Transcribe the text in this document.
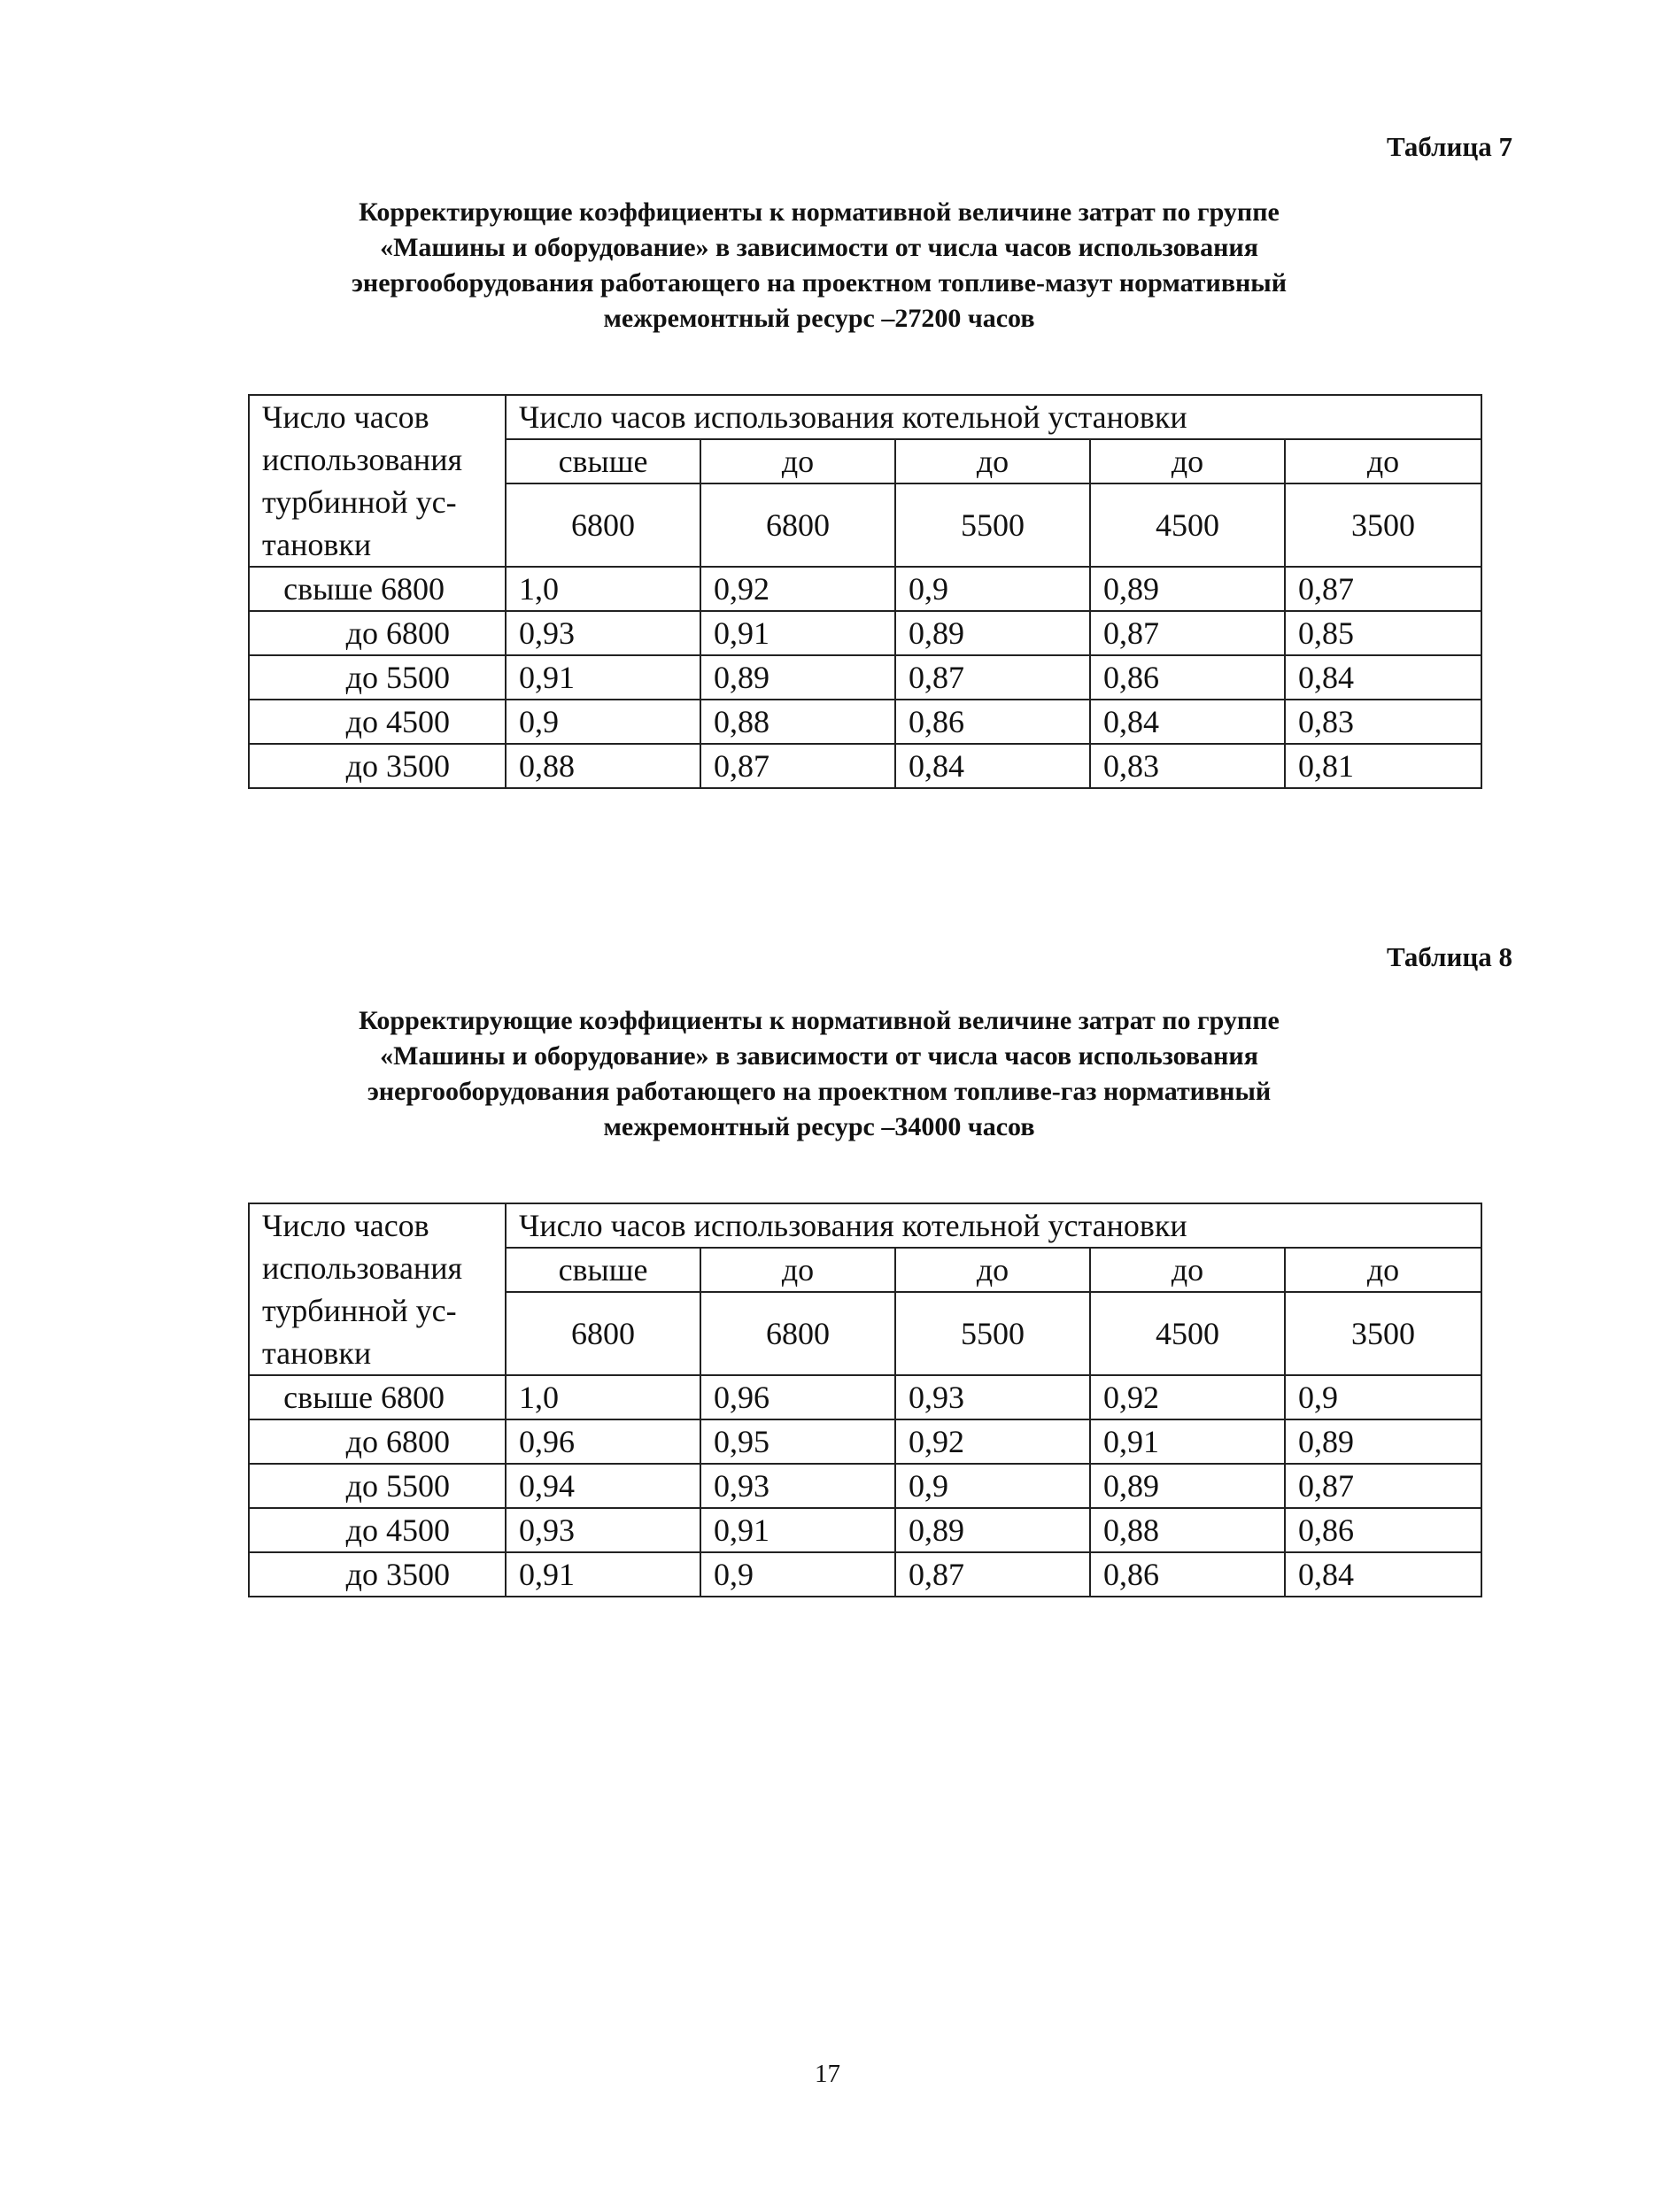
Таблица 7
Корректирующие коэффициенты к нормативной величине затрат по группе
«Машины и оборудование» в зависимости от числа часов использования
энергооборудования работающего на проектном топливе-мазут нормативный
межремонтный ресурс –27200 часов
Число часов
использования
турбинной ус-
тановки	Число часов использования котельной установки				
	свыше	до	до	до	до
	6800	6800	5500	4500	3500
свыше 6800	1,0	0,92	0,9	0,89	0,87
до 6800	0,93	0,91	0,89	0,87	0,85
до 5500	0,91	0,89	0,87	0,86	0,84
до 4500	0,9	0,88	0,86	0,84	0,83
до 3500	0,88	0,87	0,84	0,83	0,81
Таблица 8
Корректирующие коэффициенты к нормативной величине затрат по группе
«Машины и оборудование» в зависимости от числа часов использования
энергооборудования работающего на проектном топливе-газ нормативный
межремонтный ресурс –34000 часов
Число часов
использования
турбинной ус-
тановки	Число часов использования котельной установки				
	свыше	до	до	до	до
	6800	6800	5500	4500	3500
свыше 6800	1,0	0,96	0,93	0,92	0,9
до 6800	0,96	0,95	0,92	0,91	0,89
до 5500	0,94	0,93	0,9	0,89	0,87
до 4500	0,93	0,91	0,89	0,88	0,86
до 3500	0,91	0,9	0,87	0,86	0,84
17
